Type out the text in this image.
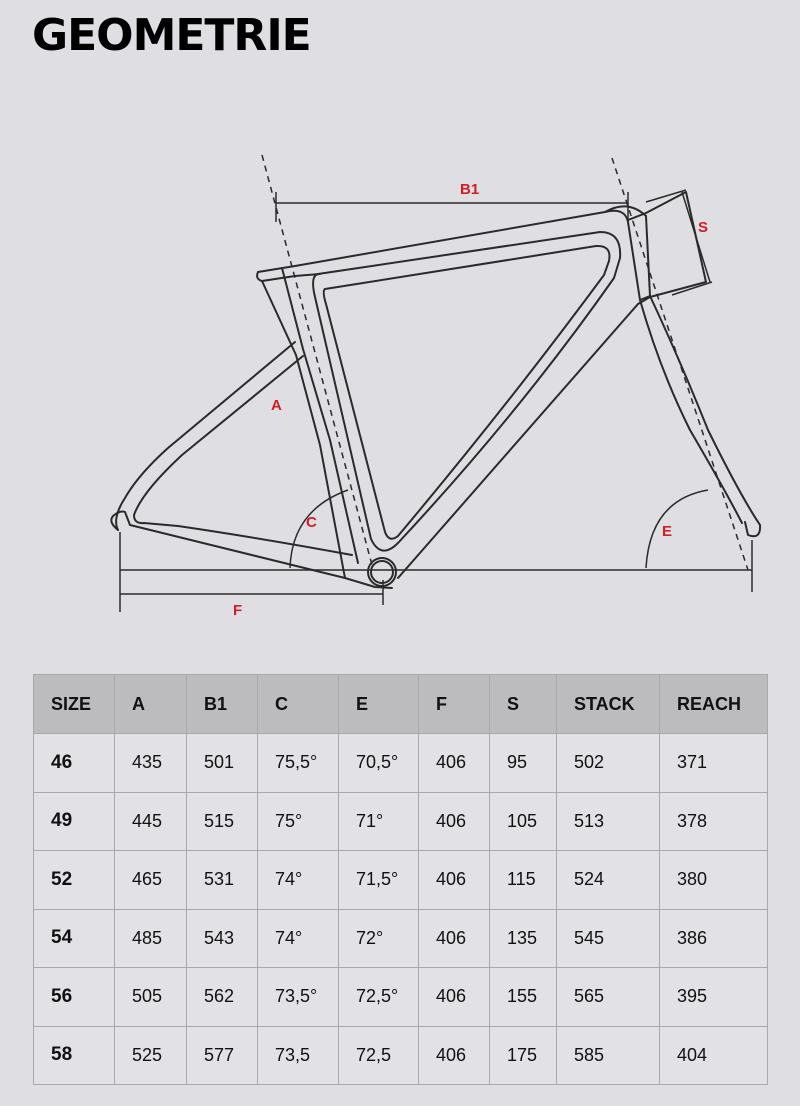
GEOMETRIE
B1
S
A
C
E
F
SIZE	A	B1	C	E	F	S	STACK	REACH
46	435	501	75,5°	70,5°	406	95	502	371
49	445	515	75°	71°	406	105	513	378
52	465	531	74°	71,5°	406	115	524	380
54	485	543	74°	72°	406	135	545	386
56	505	562	73,5°	72,5°	406	155	565	395
58	525	577	73,5	72,5	406	175	585	404
